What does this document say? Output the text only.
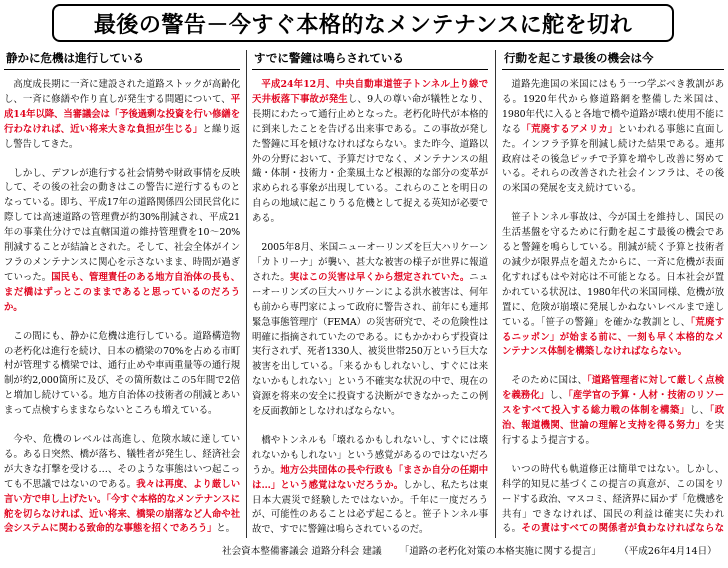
最後の警告－今すぐ本格的なメンテナンスに舵を切れ
静かに危機は進行している

高度成長期に一斉に建設された道路ストックが高齢化し、一斉に修繕や作り直しが発生する問題について、平成14年以降、当審議会は「予後過剰な投資を行い修繕を行わなければ、近い将来大きな負担が生じる」と繰り返し警告してきた。

しかし、デフレが進行する社会情勢や財政事情を反映して、その後の社会の動きはこの警告に逆行するものとなっている。即ち、平成17年の道路関係四公団民営化に際しては高速道路の管理費が約30%削減され、平成21年の事業仕分けでは直轄国道の維持管理費を10～20%削減することが結論とされた。そして、社会全体がインフラのメンテナンスに関心を示さないまま、時間が過ぎていった。国民も、管理責任のある地方自治体の長も、まだ橋はずっとこのままであると思っているのだろうか。

この間にも、静かに危機は進行している。道路構造物の老朽化は進行を続け、日本の橋梁の70%を占める市町村が管理する橋梁では、通行止めや車両重量等の通行規制が約2,000箇所に及び、その箇所数はこの5年間で2倍と増加し続けている。地方自治体の技術者の削減とあいまって点検すらままならないところも増えている。

今や、危機のレベルは高進し、危険水域に達している。ある日突然、橋が落ち、犠牲者が発生し、経済社会が大きな打撃を受ける…、そのような事態はいつ起こっても不思議ではないのである。我々は再度、より厳しい言い方で申し上げたい。「今すぐ本格的なメンテナンスに舵を切らなければ、近い将来、橋梁の崩落など人命や社会システムに関わる致命的な事態を招くであろう」と。

すでに警鐘は鳴らされている

平成24年12月、中央自動車道笹子トンネル上り線で天井板落下事故が発生し、9人の尊い命が犠牲となり、長期にわたって通行止めとなった。老朽化時代が本格的に到来したことを告げる出来事である。この事故が発した警鐘に耳を傾けなければならない。また昨今、道路以外の分野において、予算だけでなく、メンテナンスの組織・体制・技術力・企業風土など根源的な部分の変革が求められる事象が出現している。これらのことを明日の自らの地域に起こりうる危機として捉える英知が必要である。

2005年8月、米国ニューオーリンズを巨大ハリケーン「カトリーナ」が襲い、甚大な被害の様子が世界に報道された。実はこの災害は早くから想定されていた。ニューオーリンズの巨大ハリケーンによる洪水被害は、何年も前から専門家によって政府に警告され、前年にも連邦緊急事態管理庁（FEMA）の災害研究で、その危険性は明確に指摘されていたのである。にもかかわらず投資は実行されず、死者1330人、被災世帯250万という巨大な被害を出している。「来るかもしれないし、すぐには来ないかもしれない」という不確実な状況の中で、現在の資源を将来の安全に投資する決断ができなかったこの例を反面教師としなければならない。

橋やトンネルも「壊れるかもしれないし、すぐには壊れないかもしれない」という感覚があるのではないだろうか。地方公共団体の長や行政も「まさか自分の任期中は…」という感覚はないだろうか。しかし、私たちは東日本大震災で経験したではないか。千年に一度だろうが、可能性のあることは必ず起こると。笹子トンネル事故で、すでに警鐘は鳴らされているのだ。

行動を起こす最後の機会は今

道路先進国の米国にはもう一つ学ぶべき教訓がある。1920年代から修道路網を整備した米国は、1980年代に入ると各地で橋や道路が壊れ使用不能になる「荒廃するアメリカ」といわれる事態に直面した。インフラ予算を削減し続けた結果である。連邦政府はその後急ピッチで予算を増やし改善に努めている。それらの改善された社会インフラは、その後の米国の発展を支え続けている。

笹子トンネル事故は、今が国土を維持し、国民の生活基盤を守るために行動を起こす最後の機会であると警鐘を鳴らしている。削減が続く予算と技術者の減少が限界点を超えたからに、一斉に危機が表面化すればもはや対応は不可能となる。日本社会が置かれている状況は、1980年代の米国同様、危機が放置に、危険が崩壊に発展しかねないレベルまで達している。「笹子の警鐘」を確かな教訓とし、「荒廃するニッポン」が始まる前に、一刻も早く本格的なメンテナンス体制を構築しなければならない。

そのために国は、「道路管理者に対して厳しく点検を義務化」し、「産学官の予算・人材・技術のリソースをすべて投入する総力戦の体制を構築」し、「政治、報道機関、世論の理解と支持を得る努力」を実行するよう提言する。

いつの時代も軌道修正は簡単ではない。しかし、科学的知見に基づくこの提言の真意が、この国をリードする政治、マスコミ、経済界に届かず「危機感を共有」できなければ、国民の利益は確実に失われる。その責はすべての関係者が負わなければならな

社会資本整備審議会 道路分科会 建議 「道路の老朽化対策の本格実施に関する提言」 （平成26年4月14日）
